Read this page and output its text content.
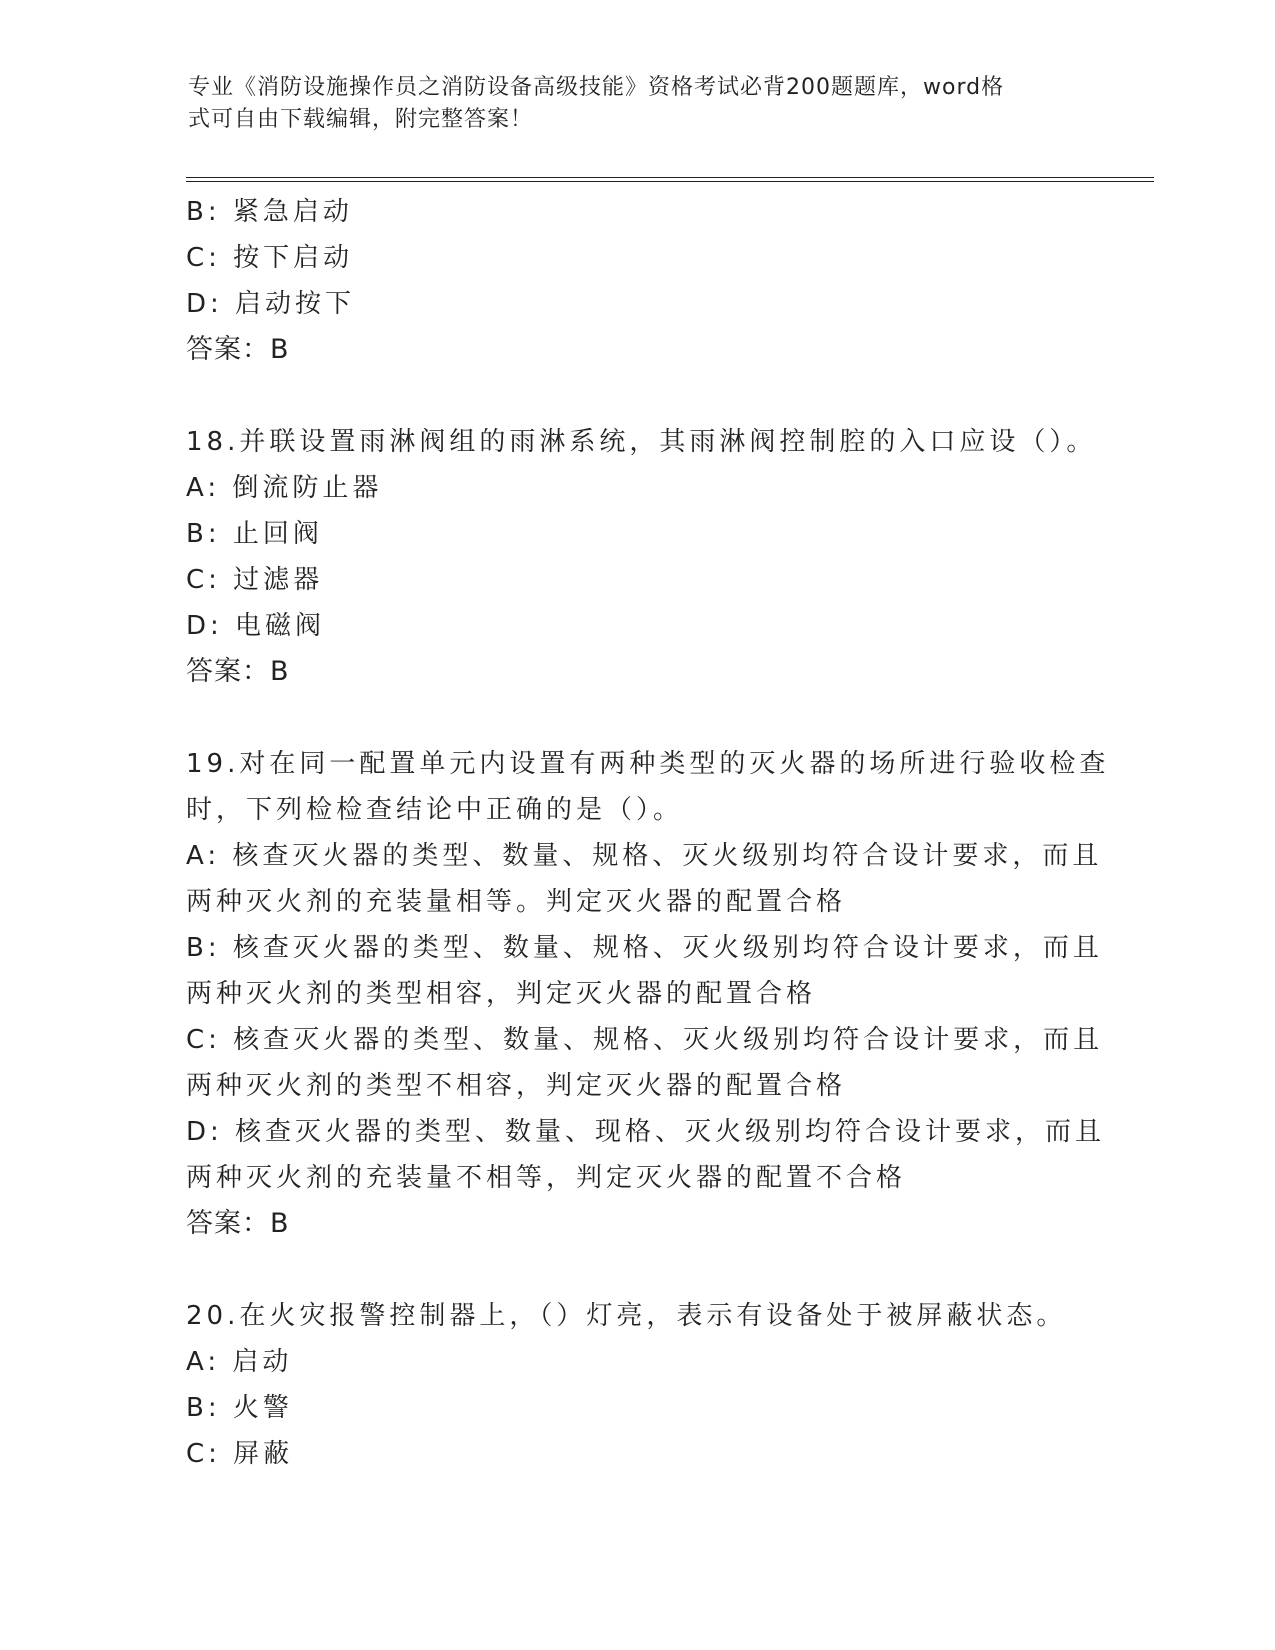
专业《消防设施操作员之消防设备高级技能》资格考试必背200题题库，word格
式可自由下载编辑，附完整答案！
B: 紧急启动
C: 按下启动
D: 启动按下
答案：B
18.并联设置雨淋阀组的雨淋系统，其雨淋阀控制腔的入口应设（）。
A: 倒流防止器
B: 止回阀
C: 过滤器
D: 电磁阀
答案：B
19.对在同一配置单元内设置有两种类型的灭火器的场所进行验收检查
时，下列检检查结论中正确的是（）。
A: 核查灭火器的类型、数量、规格、灭火级别均符合设计要求，而且
两种灭火剂的充装量相等。判定灭火器的配置合格
B: 核查灭火器的类型、数量、规格、灭火级别均符合设计要求，而且
两种灭火剂的类型相容，判定灭火器的配置合格
C: 核查灭火器的类型、数量、规格、灭火级别均符合设计要求，而且
两种灭火剂的类型不相容，判定灭火器的配置合格
D: 核查灭火器的类型、数量、现格、灭火级别均符合设计要求，而且
两种灭火剂的充装量不相等，判定灭火器的配置不合格
答案：B
20.在火灾报警控制器上，（）灯亮，表示有设备处于被屏蔽状态。
A: 启动
B: 火警
C: 屏蔽
